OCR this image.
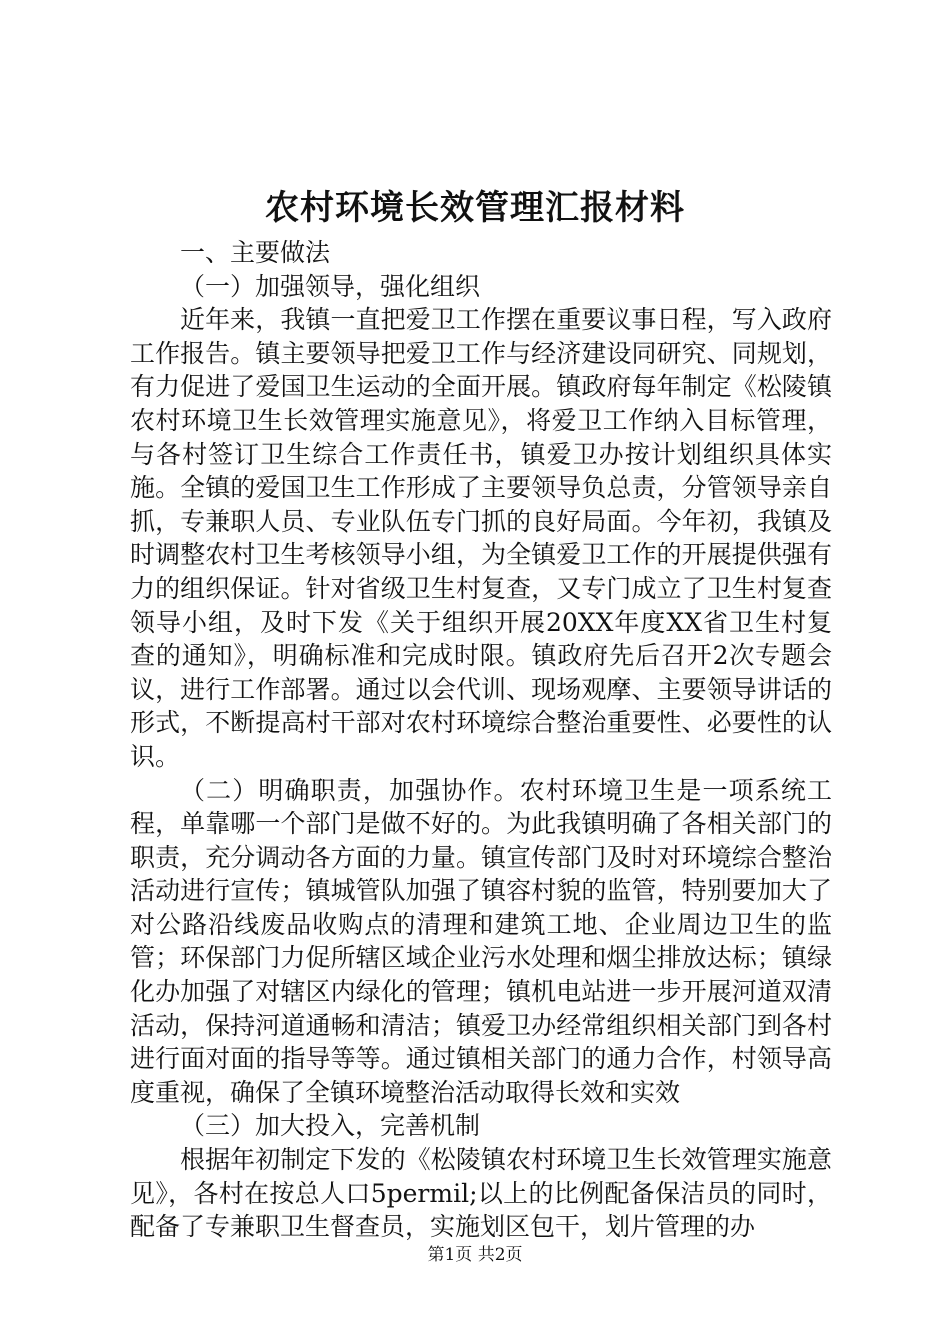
农村环境长效管理汇报材料

一、主要做法

（一）加强领导，强化组织

近年来，我镇一直把爱卫工作摆在重要议事日程，写入政府工作报告。镇主要领导把爱卫工作与经济建设同研究、同规划，有力促进了爱国卫生运动的全面开展。镇政府每年制定《松陵镇农村环境卫生长效管理实施意见》，将爱卫工作纳入目标管理，与各村签订卫生综合工作责任书，镇爱卫办按计划组织具体实施。全镇的爱国卫生工作形成了主要领导负总责，分管领导亲自抓，专兼职人员、专业队伍专门抓的良好局面。今年初，我镇及时调整农村卫生考核领导小组，为全镇爱卫工作的开展提供强有力的组织保证。针对省级卫生村复查，又专门成立了卫生村复查领导小组，及时下发《关于组织开展20XX年度XX省卫生村复查的通知》，明确标准和完成时限。镇政府先后召开2次专题会议，进行工作部署。通过以会代训、现场观摩、主要领导讲话的形式，不断提高村干部对农村环境综合整治重要性、必要性的认识。

（二）明确职责，加强协作。农村环境卫生是一项系统工程，单靠哪一个部门是做不好的。为此我镇明确了各相关部门的职责，充分调动各方面的力量。镇宣传部门及时对环境综合整治活动进行宣传；镇城管队加强了镇容村貌的监管，特别要加大了对公路沿线废品收购点的清理和建筑工地、企业周边卫生的监管；环保部门力促所辖区域企业污水处理和烟尘排放达标；镇绿化办加强了对辖区内绿化的管理；镇机电站进一步开展河道双清活动，保持河道通畅和清洁；镇爱卫办经常组织相关部门到各村进行面对面的指导等等。通过镇相关部门的通力合作，村领导高度重视，确保了全镇环境整治活动取得长效和实效

（三）加大投入，完善机制

根据年初制定下发的《松陵镇农村环境卫生长效管理实施意见》，各村在按总人口5permil;以上的比例配备保洁员的同时，配备了专兼职卫生督查员，实施划区包干，划片管理的办

第1页 共2页
